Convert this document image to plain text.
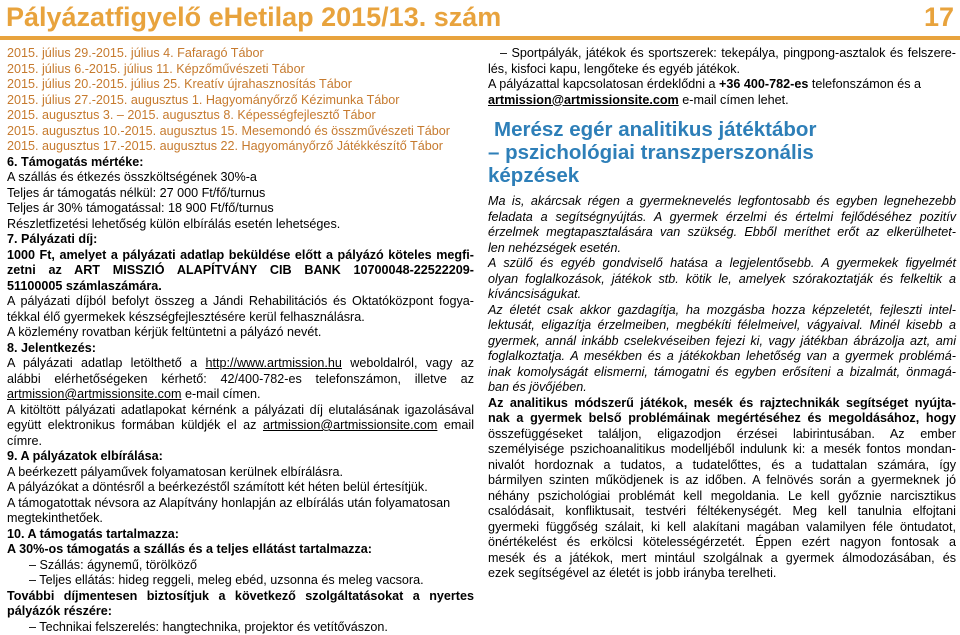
Pályázatfigyelő eHetilap 2015/13. szám	17
2015. július 29.-2015. július 4. Fafaragó Tábor
2015. július 6.-2015. július 11. Képzőművészeti Tábor
2015. július 20.-2015. július 25. Kreatív újrahasznosítás Tábor
2015. július 27.-2015. augusztus 1. Hagyományőrző Kézimunka Tábor
2015. augusztus 3. – 2015. augusztus 8. Képességfejlesztő Tábor
2015. augusztus 10.-2015. augusztus 15. Mesemondó és összművészeti Tábor
2015. augusztus 17.-2015. augusztus 22. Hagyományőrző Játékkészítő Tábor
6. Támogatás mértéke:
A szállás és étkezés összköltségének 30%-a
Teljes ár támogatás nélkül: 27 000 Ft/fő/turnus
Teljes ár 30% támogatással: 18 900 Ft/fő/turnus
Részletfizetési lehetőség külön elbírálás esetén lehetséges.
7. Pályázati díj:
1000 Ft, amelyet a pályázati adatlap beküldése előtt a pályázó köteles megfi-
zetni az ART MISSZIÓ ALAPÍTVÁNY CIB BANK 10700048-22522209-
51100005 számlaszámára.
A pályázati díjból befolyt összeg a Jándi Rehabilitációs és Oktatóközpont fogya-
tékkal élő gyermekek készségfejlesztésére kerül felhasználásra.
A közlemény rovatban kérjük feltüntetni a pályázó nevét.
8. Jelentkezés:
A pályázati adatlap letölthető a http://www.artmission.hu weboldalról, vagy az
alábbi elérhetőségeken kérhető: 42/400-782-es telefonszámon, illetve az
artmission@artmissionsite.com e-mail címen.
A kitöltött pályázati adatlapokat kérnénk a pályázati díj elutalásának igazolásával
együtt elektronikus formában küldjék el az artmission@artmissionsite.com email
címre.
9. A pályázatok elbírálása:
A beérkezett pályaművek folyamatosan kerülnek elbírálásra.
A pályázókat a döntésről a beérkezéstől számított két héten belül értesítjük.
A támogatottak névsora az Alapítvány honlapján az elbírálás után folyamatosan
megtekinthetőek.
10. A támogatás tartalmazza:
A 30%-os támogatás a szállás és a teljes ellátást tartalmazza:
– Szállás: ágynemű, törölköző
– Teljes ellátás: hideg reggeli, meleg ebéd, uzsonna és meleg vacsora.
További díjmentesen biztosítjuk a következő szolgáltatásokat a nyertes
pályázók részére:
– Technikai felszerelés: hangtechnika, projektor és vetítővászon.
– Sportpályák, játékok és sportszerek: tekepálya, pingpong-asztalok és felszere-
lés, kisfoci kapu, lengőteke és egyéb játékok.
A pályázattal kapcsolatosan érdeklődni a +36 400-782-es telefonszámon és a
artmission@artmissionsite.com e-mail címen lehet.
Merész egér analitikus játéktábor
– pszichológiai transzperszonális
képzések
Ma is, akárcsak régen a gyermeknevelés legfontosabb és egyben legnehezebb
feladata a segítségnyújtás. A gyermek érzelmi és értelmi fejlődéséhez pozitív
érzelmek megtapasztalására van szükség. Ebből meríthet erőt az elkerülhetet-
len nehézségek esetén.
A szülő és egyéb gondviselő hatása a legjelentősebb. A gyermekek figyelmét
olyan foglalkozások, játékok stb. kötik le, amelyek szórakoztatják és felkeltik a
kíváncsiságukat.
Az életét csak akkor gazdagítja, ha mozgásba hozza képzeletét, fejleszti intel-
lektusát, eligazítja érzelmeiben, megbékíti félelmeivel, vágyaival. Minél kisebb a
gyermek, annál inkább cselekvéseiben fejezi ki, vagy játékban ábrázolja azt, ami
foglalkoztatja. A mesékben és a játékokban lehetőség van a gyermek problémá-
inak komolyságát elismerni, támogatni és egyben erősíteni a bizalmát, önmagá-
ban és jövőjében.
Az analitikus módszerű játékok, mesék és rajztechnikák segítséget nyújta-
nak a gyermek belső problémáinak megértéséhez és megoldásához, hogy
összefüggéseket találjon, eligazodjon érzései labirintusában. Az ember
személyisége pszichoanalitikus modelljéből indulunk ki: a mesék fontos mondan-
nivalót hordoznak a tudatos, a tudatelőttes, és a tudattalan számára, így
bármilyen szinten működjenek is az időben. A felnövés során a gyermeknek jó
néhány pszichológiai problémát kell megoldania. Le kell győznie narcisztikus
csalódásait, konfliktusait, testvéri féltékenységét. Meg kell tanulnia elfojtani
gyermeki függőség szálait, ki kell alakítani magában valamilyen féle öntudatot,
önértékelést és erkölcsi kötelességérzetét. Éppen ezért nagyon fontosak a
mesék és a játékok, mert mintául szolgálnak a gyermek álmodozásában, és
ezek segítségével az életét is jobb irányba terelheti.
